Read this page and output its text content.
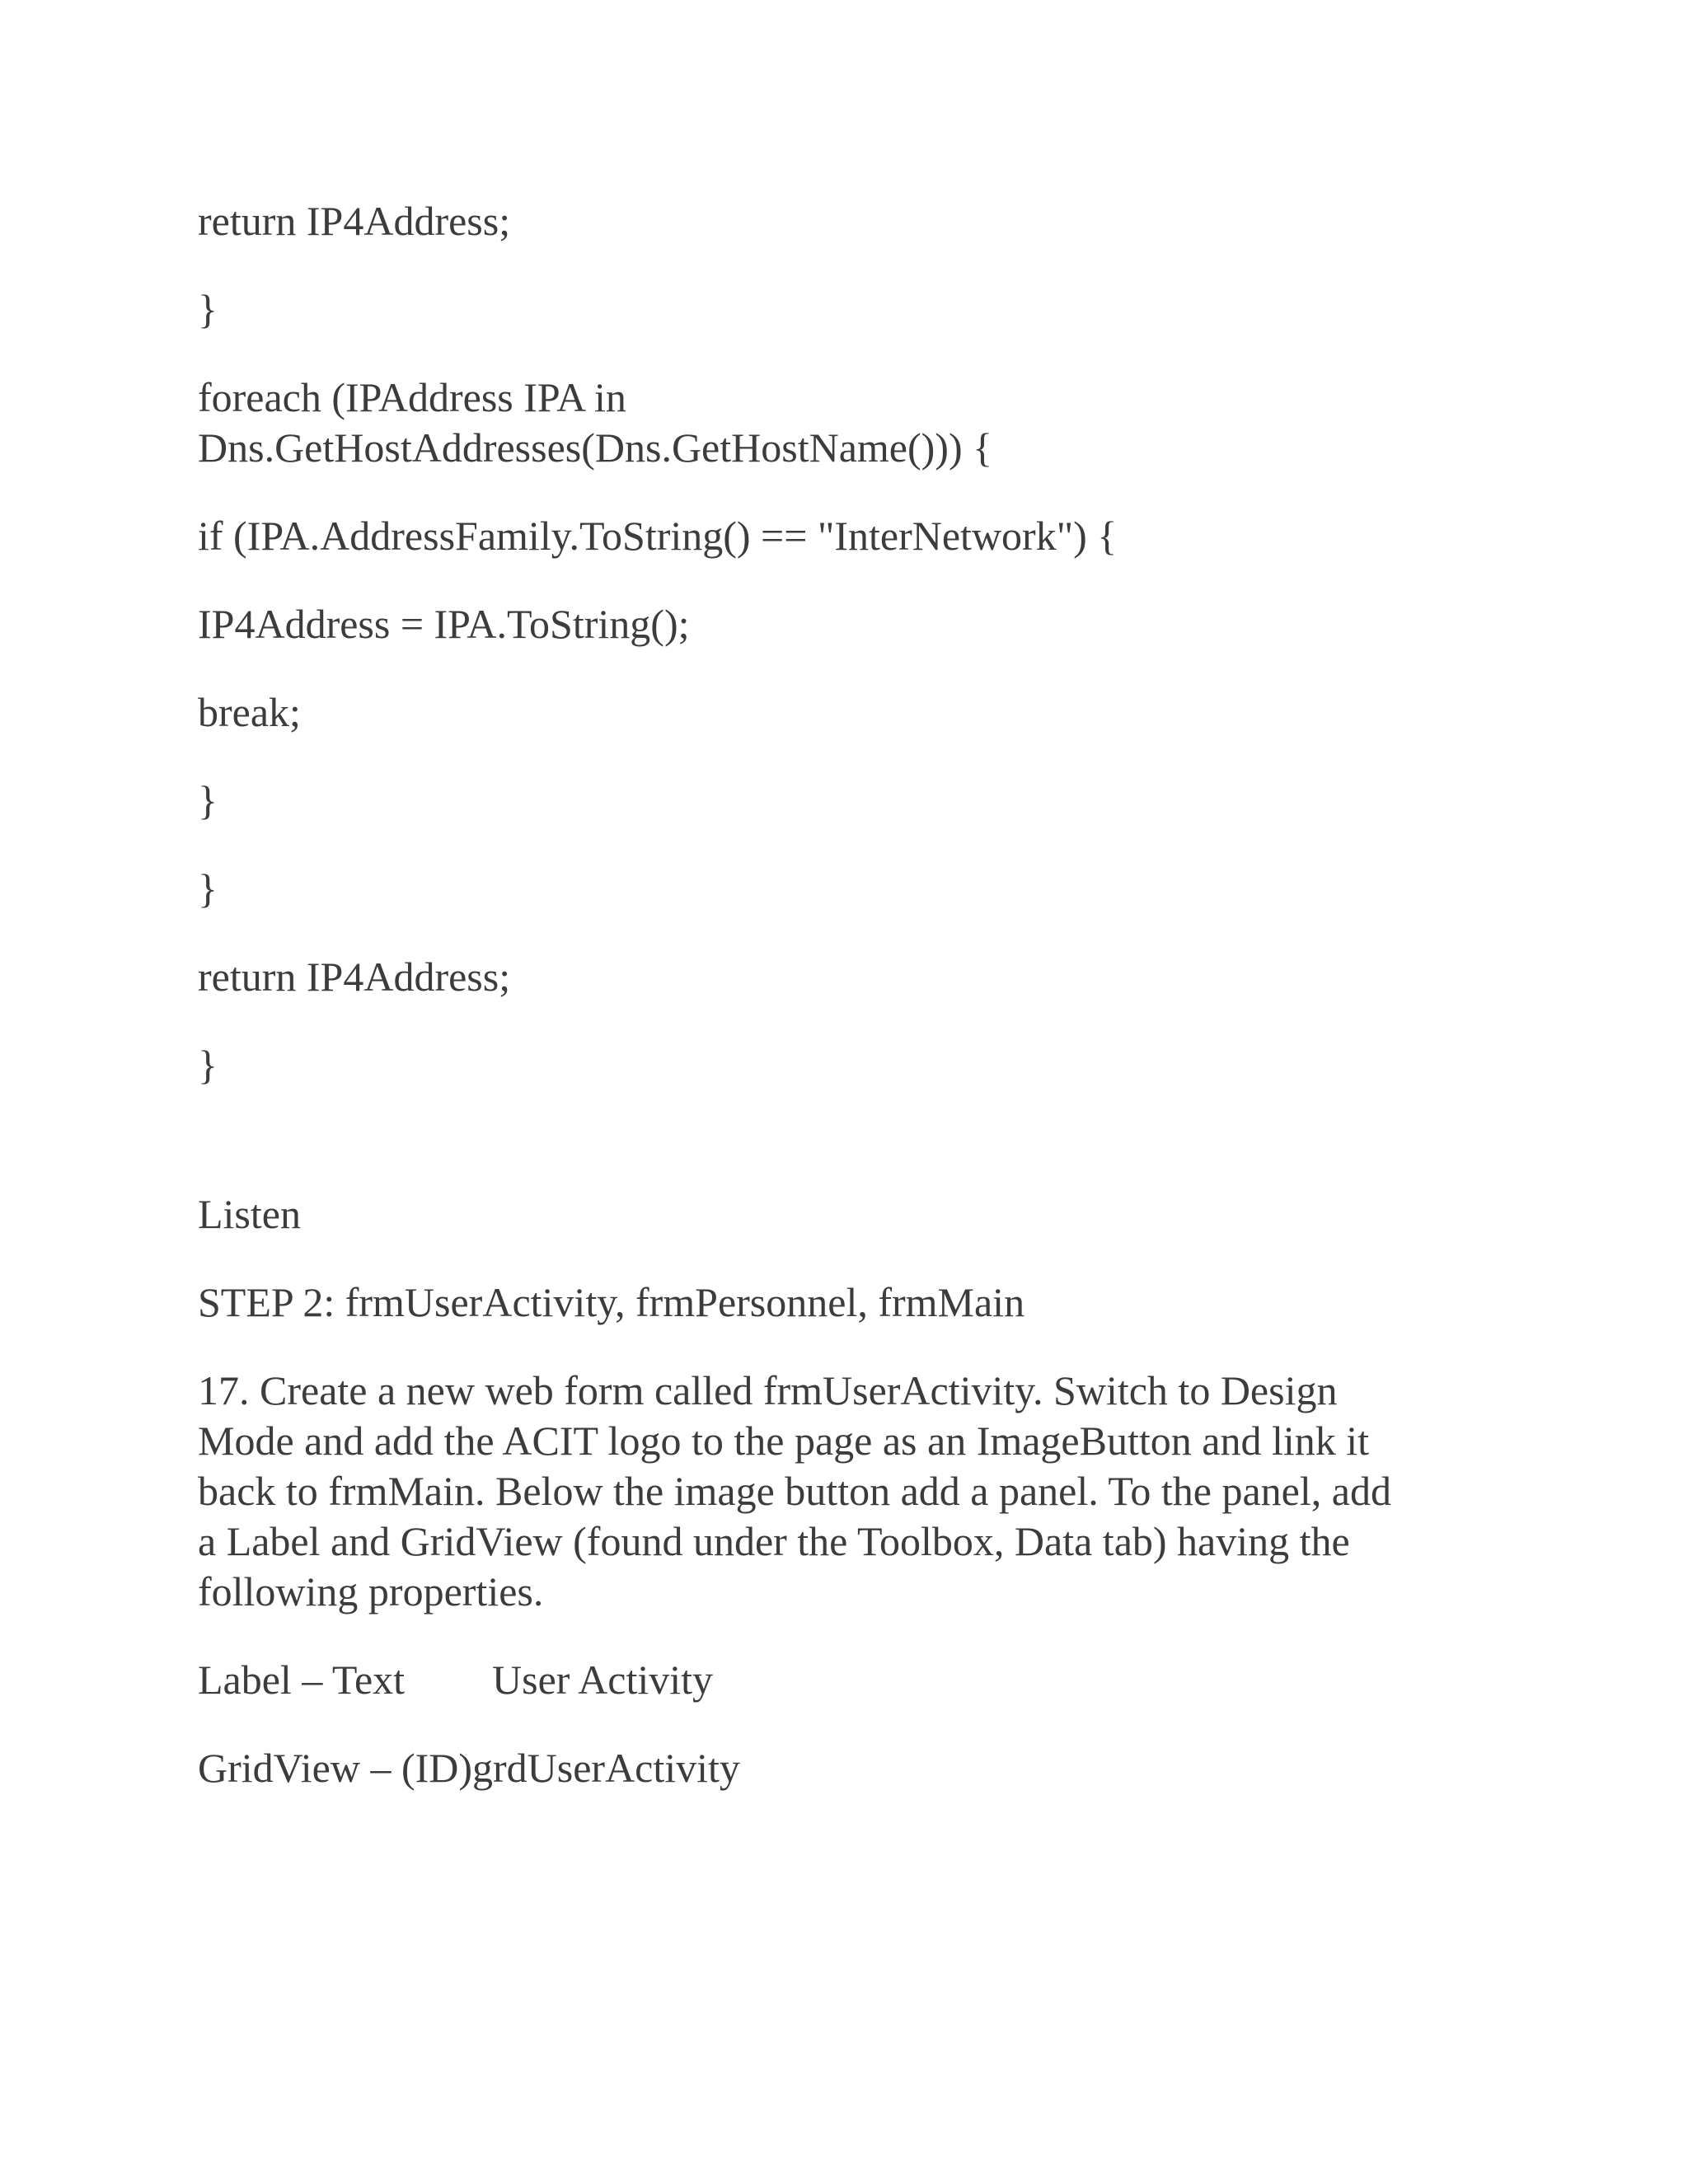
return IP4Address;
}
foreach (IPAddress IPA in
Dns.GetHostAddresses(Dns.GetHostName())) {
if (IPA.AddressFamily.ToString() == "InterNetwork") {
IP4Address = IPA.ToString();
break;
}
}
return IP4Address;
}
Listen
STEP 2: frmUserActivity, frmPersonnel, frmMain
17. Create a new web form called frmUserActivity. Switch to Design
Mode and add the ACIT logo to the page as an ImageButton and link it
back to frmMain. Below the image button add a panel. To the panel, add
a Label and GridView (found under the Toolbox, Data tab) having the
following properties.
Label – Text User Activity
GridView – (ID)grdUserActivity
